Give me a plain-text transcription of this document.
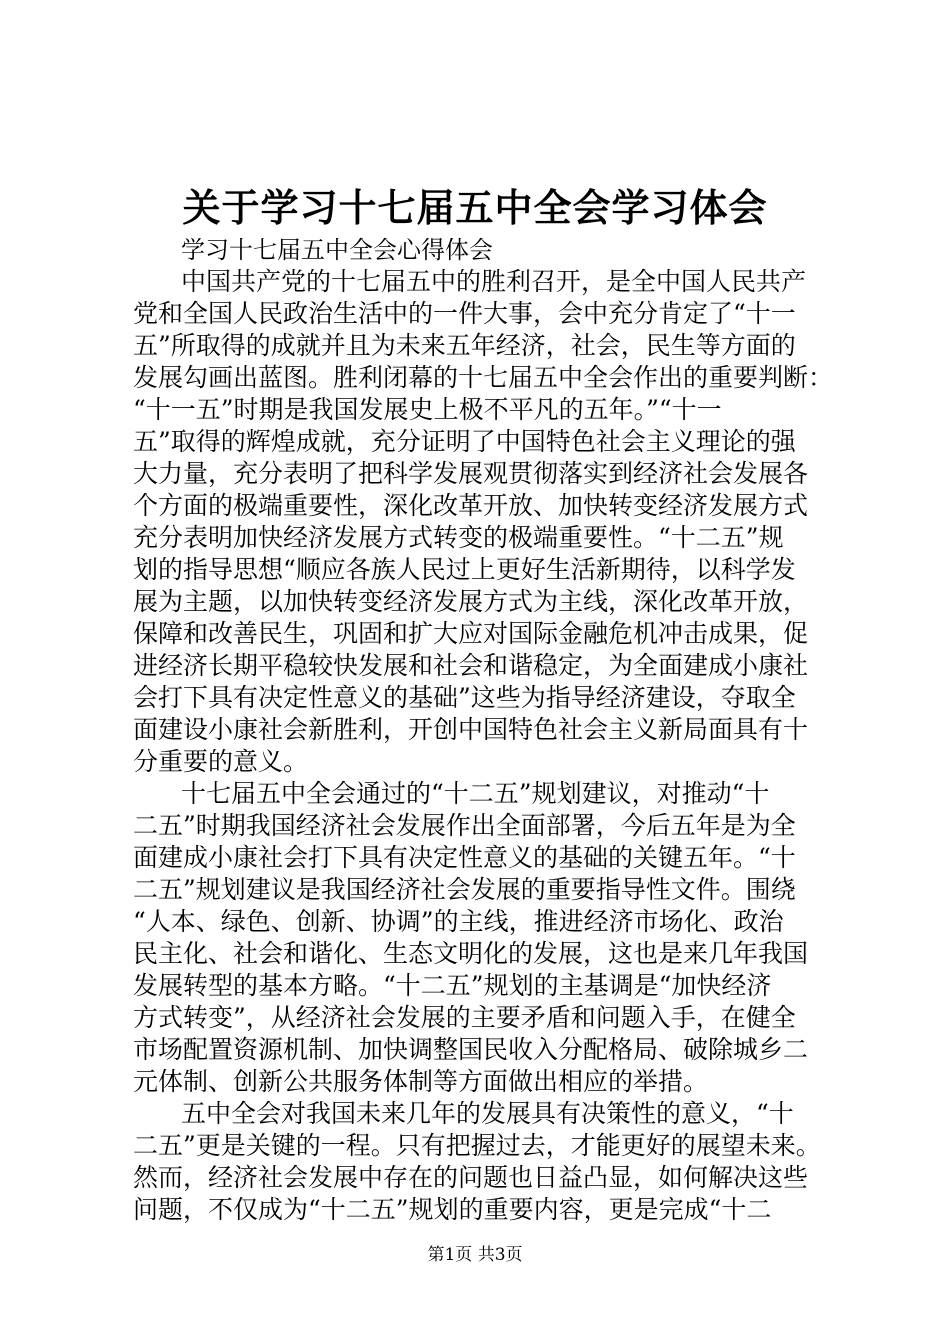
关于学习十七届五中全会学习体会
学习十七届五中全会心得体会
中国共产党的十七届五中的胜利召开，是全中国人民共产
党和全国人民政治生活中的一件大事，会中充分肯定了“十一
五”所取得的成就并且为未来五年经济，社会，民生等方面的
发展勾画出蓝图。胜利闭幕的十七届五中全会作出的重要判断：
“十一五”时期是我国发展史上极不平凡的五年。”“十一
五”取得的辉煌成就，充分证明了中国特色社会主义理论的强
大力量，充分表明了把科学发展观贯彻落实到经济社会发展各
个方面的极端重要性，深化改革开放、加快转变经济发展方式
充分表明加快经济发展方式转变的极端重要性。“十二五”规
划的指导思想“顺应各族人民过上更好生活新期待，以科学发
展为主题，以加快转变经济发展方式为主线，深化改革开放，
保障和改善民生，巩固和扩大应对国际金融危机冲击成果，促
进经济长期平稳较快发展和社会和谐稳定，为全面建成小康社
会打下具有决定性意义的基础”这些为指导经济建设，夺取全
面建设小康社会新胜利，开创中国特色社会主义新局面具有十
分重要的意义。
十七届五中全会通过的“十二五”规划建议，对推动“十
二五”时期我国经济社会发展作出全面部署，今后五年是为全
面建成小康社会打下具有决定性意义的基础的关键五年。“十
二五”规划建议是我国经济社会发展的重要指导性文件。围绕
“人本、绿色、创新、协调”的主线，推进经济市场化、政治
民主化、社会和谐化、生态文明化的发展，这也是来几年我国
发展转型的基本方略。“十二五”规划的主基调是“加快经济
方式转变”，从经济社会发展的主要矛盾和问题入手，在健全
市场配置资源机制、加快调整国民收入分配格局、破除城乡二
元体制、创新公共服务体制等方面做出相应的举措。
五中全会对我国未来几年的发展具有决策性的意义，“十
二五”更是关键的一程。只有把握过去，才能更好的展望未来。
然而，经济社会发展中存在的问题也日益凸显，如何解决这些
问题，不仅成为“十二五”规划的重要内容，更是完成“十二
第1页 共3页
